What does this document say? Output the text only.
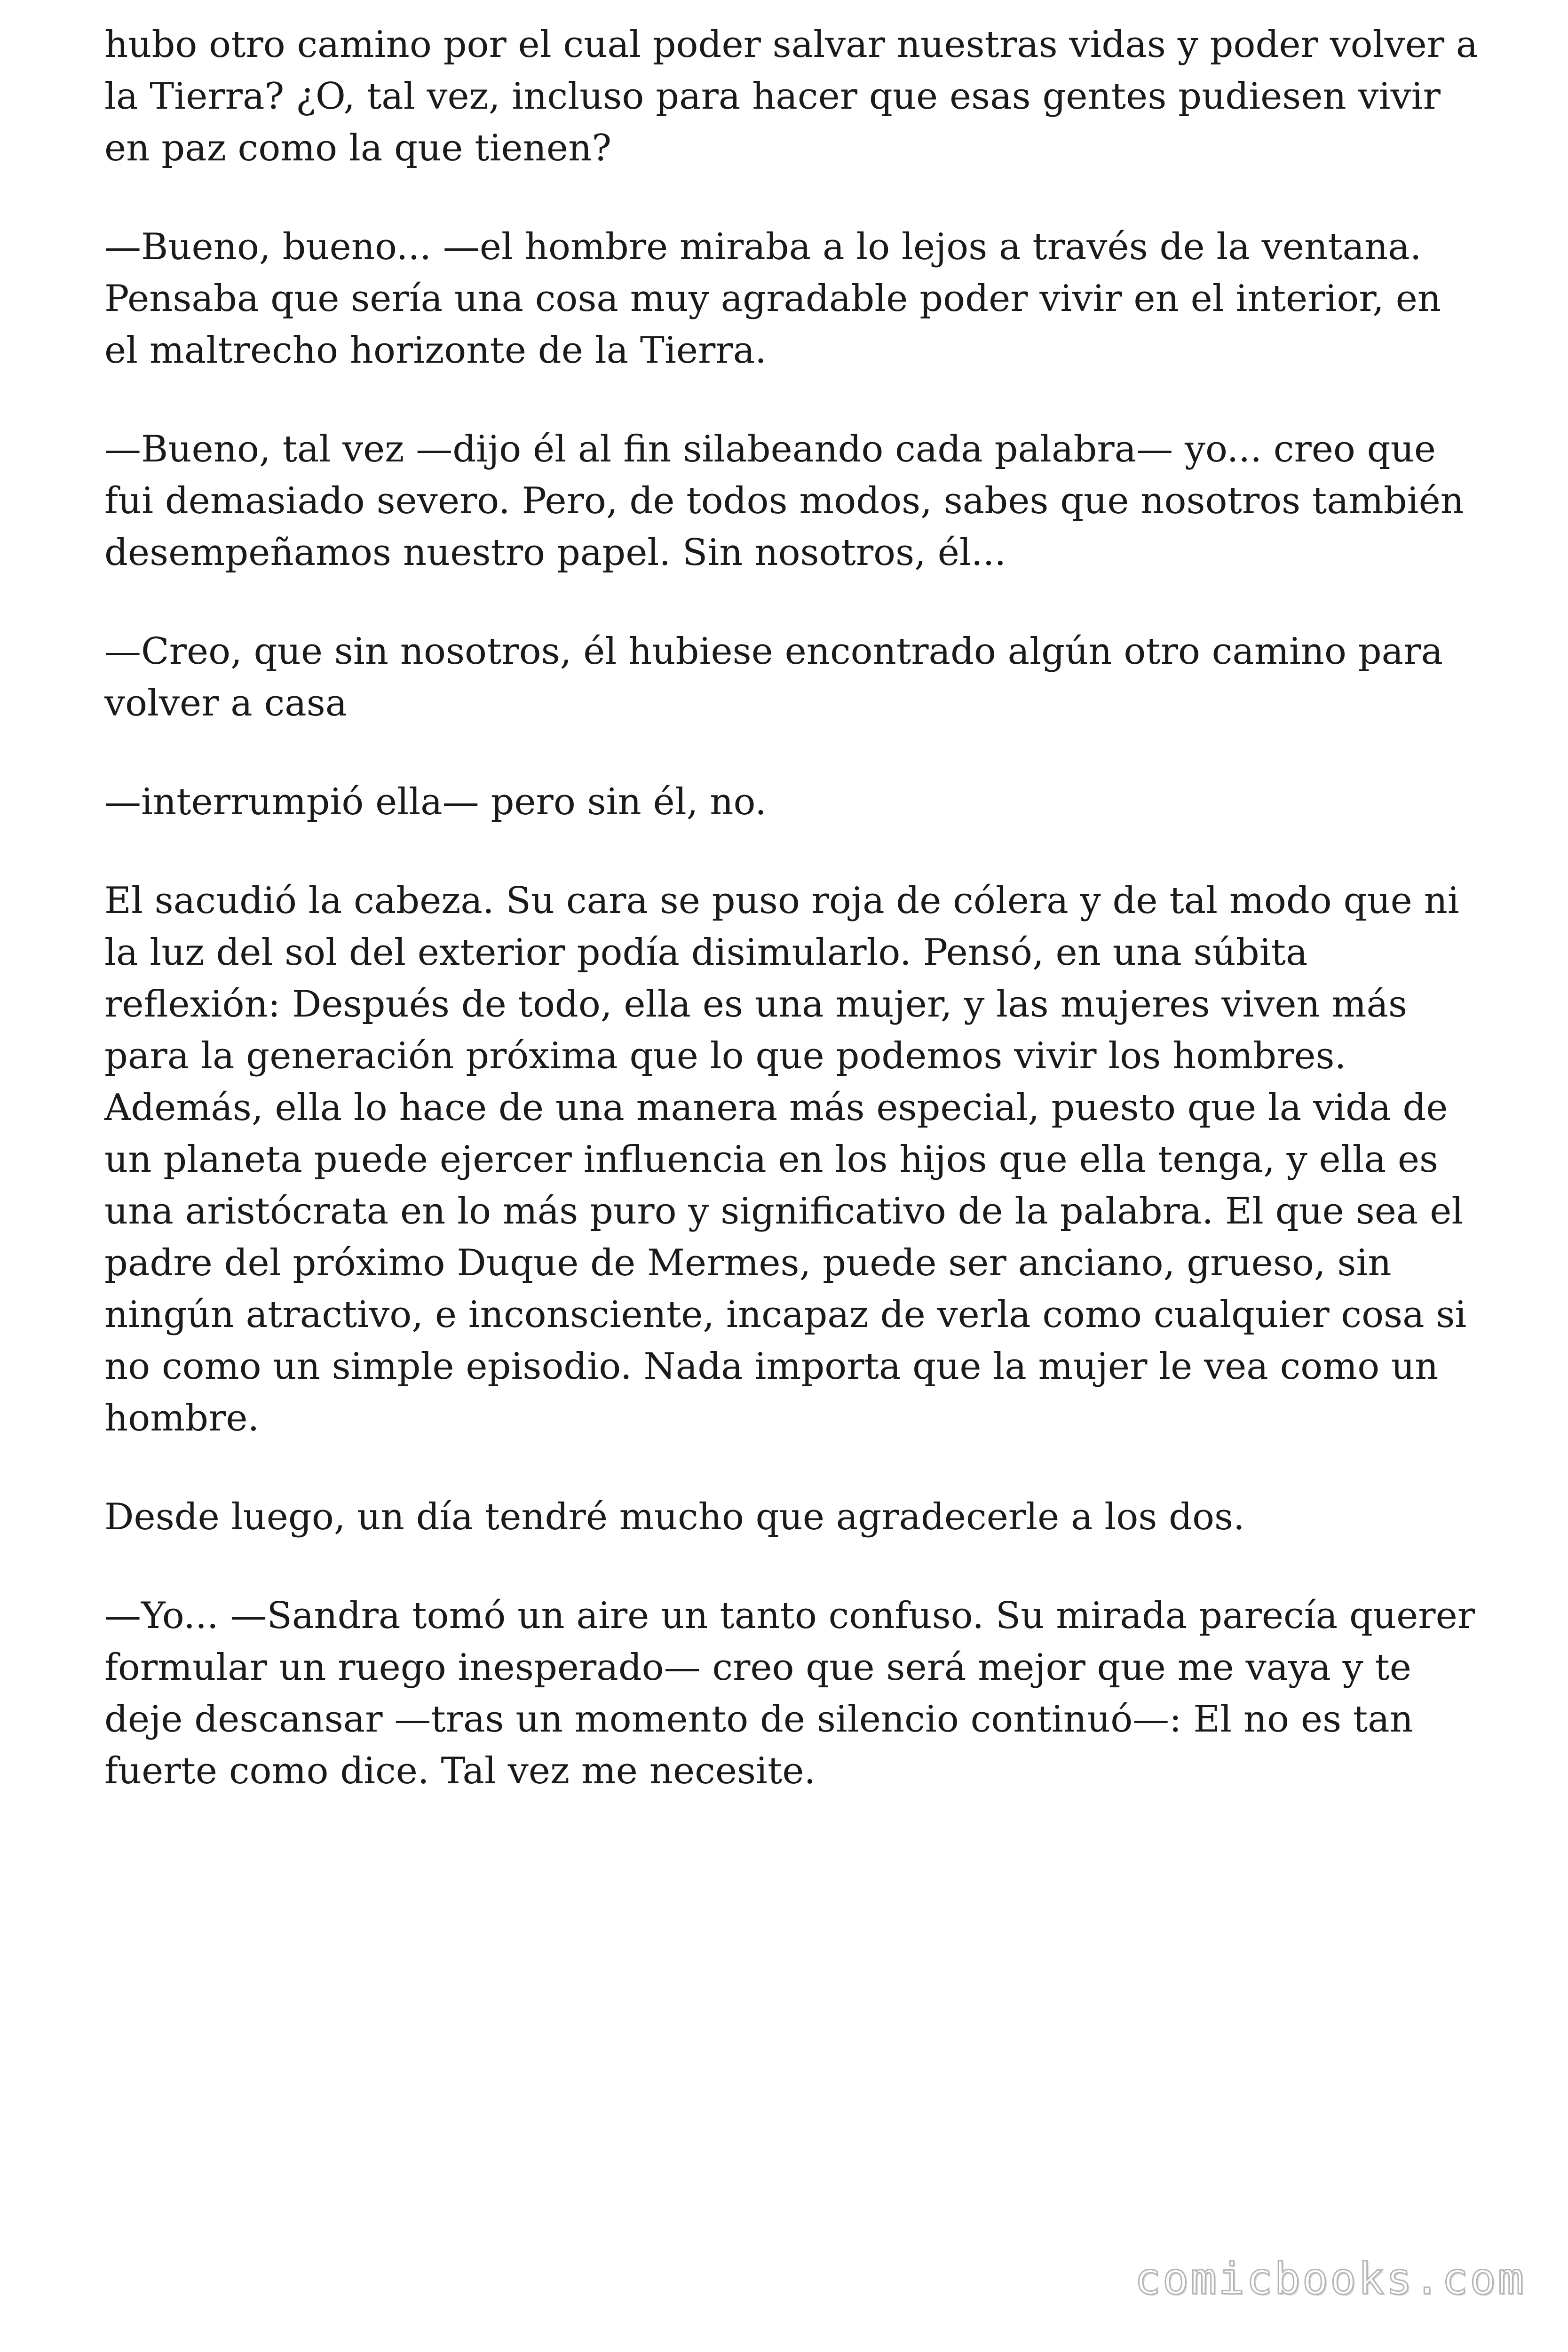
hubo otro camino por el cual poder salvar nuestras vidas y poder volver a la Tierra? ¿O, tal vez, incluso para hacer que esas gentes pudiesen vivir en paz como la que tienen?

—Bueno, bueno... —el hombre miraba a lo lejos a través de la ventana. Pensaba que sería una cosa muy agradable poder vivir en el interior, en el maltrecho horizonte de la Tierra.

—Bueno, tal vez —dijo él al fin silabeando cada palabra— yo... creo que fui demasiado severo. Pero, de todos modos, sabes que nosotros también desempeñamos nuestro papel. Sin nosotros, él...

—Creo, que sin nosotros, él hubiese encontrado algún otro camino para volver a casa

—interrumpió ella— pero sin él, no.

El sacudió la cabeza. Su cara se puso roja de cólera y de tal modo que ni la luz del sol del exterior podía disimularlo. Pensó, en una súbita reflexión: Después de todo, ella es una mujer, y las mujeres viven más para la generación próxima que lo que podemos vivir los hombres. Además, ella lo hace de una manera más especial, puesto que la vida de un planeta puede ejercer influencia en los hijos que ella tenga, y ella es una aristócrata en lo más puro y significativo de la palabra. El que sea el padre del próximo Duque de Mermes, puede ser anciano, grueso, sin ningún atractivo, e inconsciente, incapaz de verla como cualquier cosa si no como un simple episodio. Nada importa que la mujer le vea como un hombre.

Desde luego, un día tendré mucho que agradecerle a los dos.

—Yo... —Sandra tomó un aire un tanto confuso. Su mirada parecía querer formular un ruego inesperado— creo que será mejor que me vaya y te deje descansar —tras un momento de silencio continuó—: El no es tan fuerte como dice. Tal vez me necesite.

comicbooks.com
